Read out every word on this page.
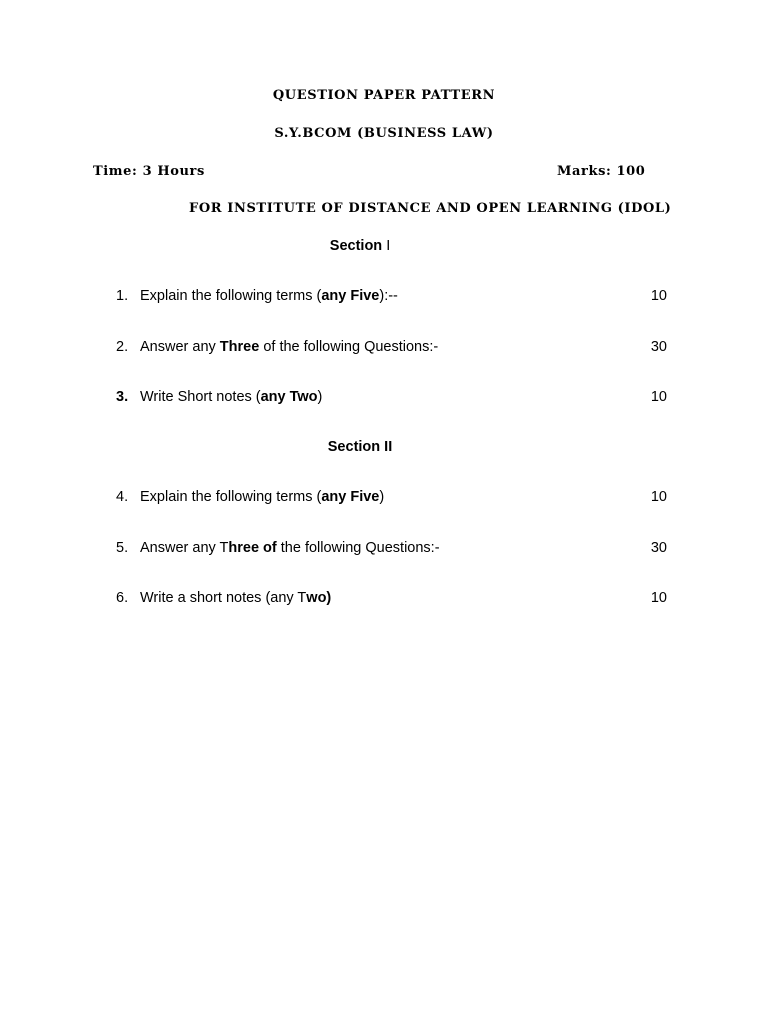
QUESTION PAPER PATTERN
S.Y.BCOM (BUSINESS LAW)
Time: 3 Hours	Marks: 100
FOR INSTITUTE OF DISTANCE AND OPEN LEARNING (IDOL)
Section I
1. Explain the following terms (any Five):--	10
2. Answer any Three of the following Questions:-	30
3. Write Short notes (any Two)	10
Section II
4. Explain the following terms (any Five)	10
5. Answer any Three of the following Questions:-	30
6. Write a short notes (any Two)	10
